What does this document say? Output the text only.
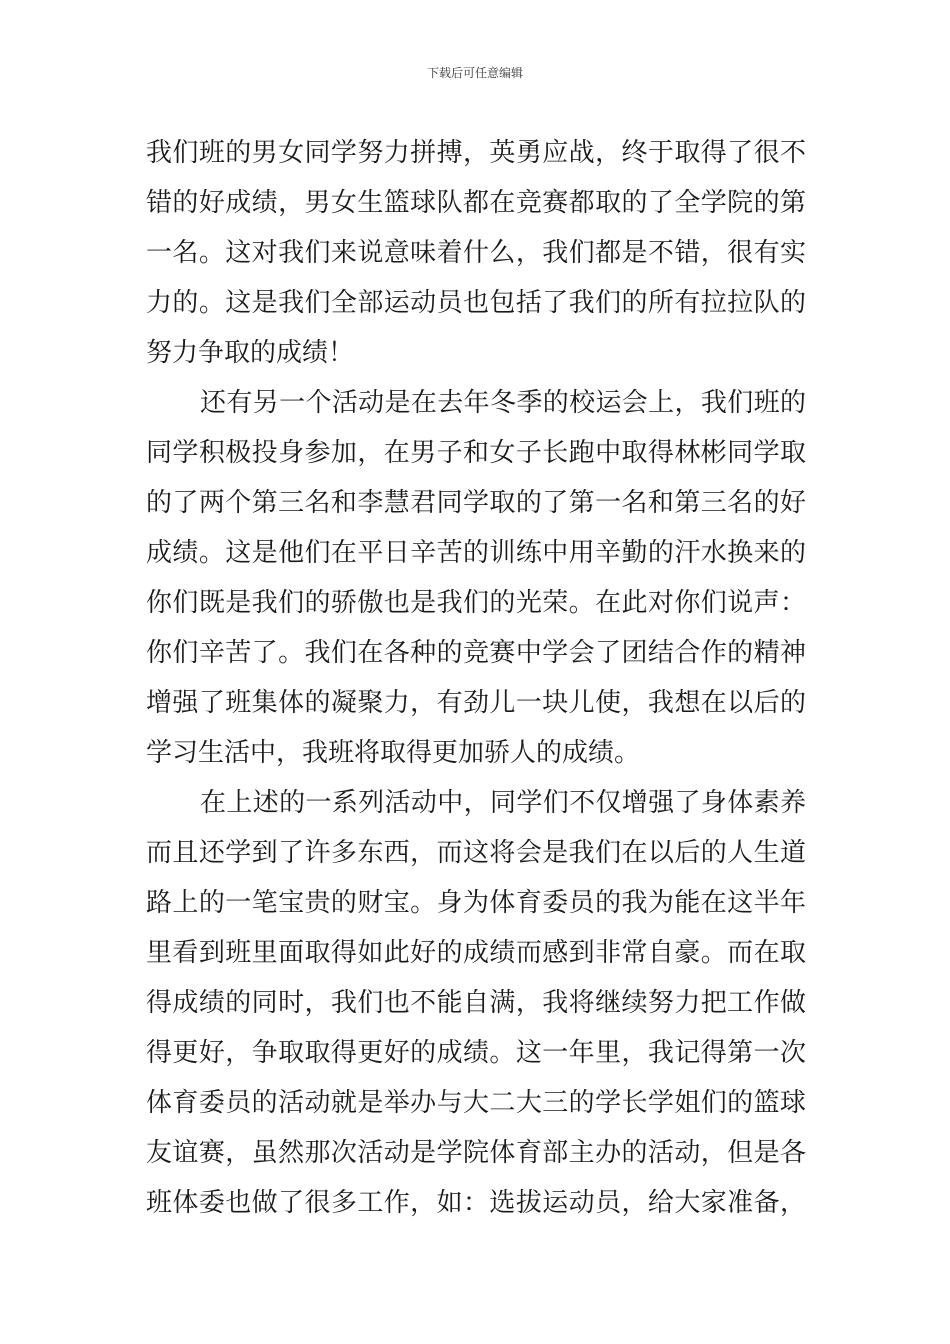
下载后可任意编辑
我们班的男女同学努力拼搏，英勇应战，终于取得了很不
错的好成绩，男女生篮球队都在竞赛都取的了全学院的第
一名。这对我们来说意味着什么，我们都是不错，很有实
力的。这是我们全部运动员也包括了我们的所有拉拉队的
努力争取的成绩！
还有另一个活动是在去年冬季的校运会上，我们班的
同学积极投身参加，在男子和女子长跑中取得林彬同学取
的了两个第三名和李慧君同学取的了第一名和第三名的好
成绩。这是他们在平日辛苦的训练中用辛勤的汗水换来的
你们既是我们的骄傲也是我们的光荣。在此对你们说声：
你们辛苦了。我们在各种的竞赛中学会了团结合作的精神
增强了班集体的凝聚力，有劲儿一块儿使，我想在以后的
学习生活中，我班将取得更加骄人的成绩。
在上述的一系列活动中，同学们不仅增强了身体素养
而且还学到了许多东西，而这将会是我们在以后的人生道
路上的一笔宝贵的财宝。身为体育委员的我为能在这半年
里看到班里面取得如此好的成绩而感到非常自豪。而在取
得成绩的同时，我们也不能自满，我将继续努力把工作做
得更好，争取取得更好的成绩。这一年里，我记得第一次
体育委员的活动就是举办与大二大三的学长学姐们的篮球
友谊赛，虽然那次活动是学院体育部主办的活动，但是各
班体委也做了很多工作，如：选拔运动员，给大家准备，
